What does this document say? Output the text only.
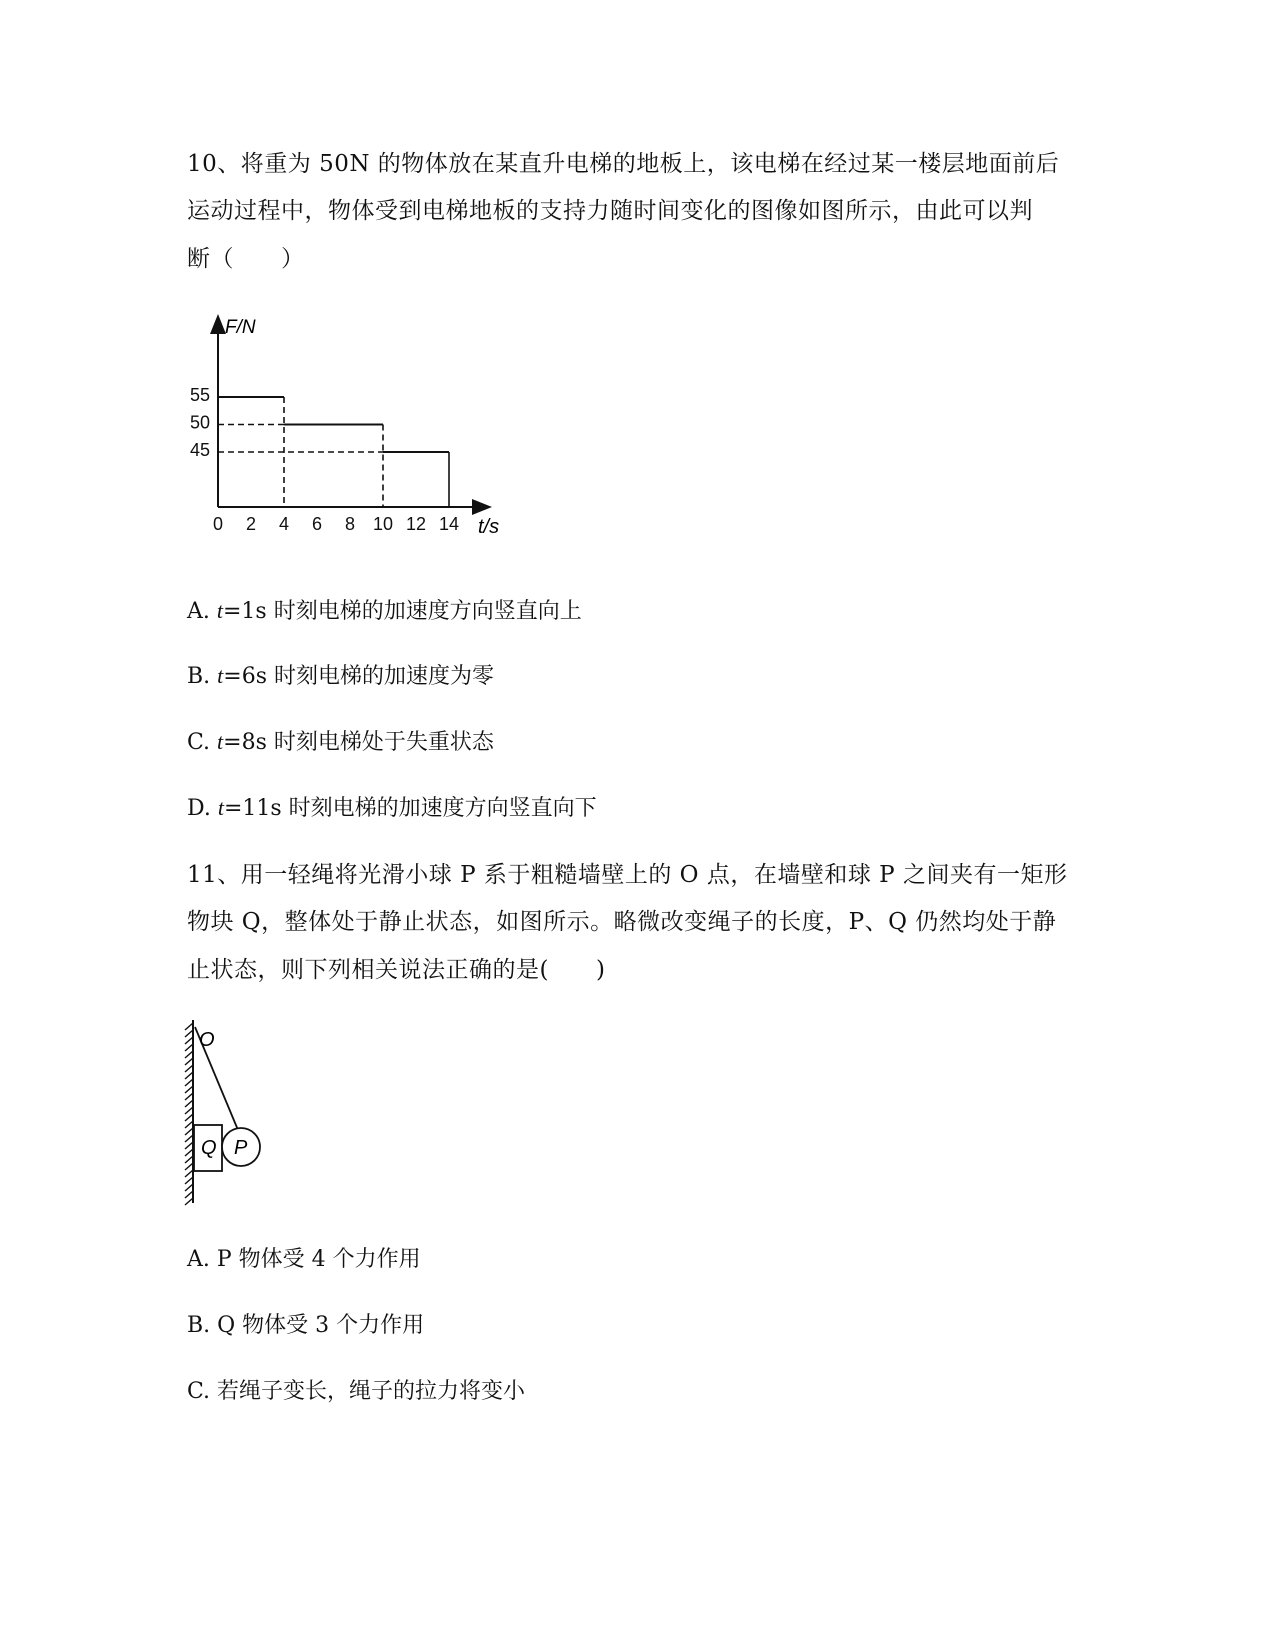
10、将重为 50N 的物体放在某直升电梯的地板上，该电梯在经过某一楼层地面前后
运动过程中，物体受到电梯地板的支持力随时间变化的图像如图所示，由此可以判
断（　　）
F/N
t/s
0 2 4 6 8 10 12 14
55
50
45
A. t=1s 时刻电梯的加速度方向竖直向上
B. t=6s 时刻电梯的加速度为零
C. t=8s 时刻电梯处于失重状态
D. t=11s 时刻电梯的加速度方向竖直向下
11、用一轻绳将光滑小球 P 系于粗糙墙壁上的 O 点，在墙壁和球 P 之间夹有一矩形
物块 Q，整体处于静止状态，如图所示。略微改变绳子的长度，P、Q 仍然均处于静
止状态，则下列相关说法正确的是(　　)
O
Q P
A. P 物体受 4 个力作用
B. Q 物体受 3 个力作用
C. 若绳子变长，绳子的拉力将变小
